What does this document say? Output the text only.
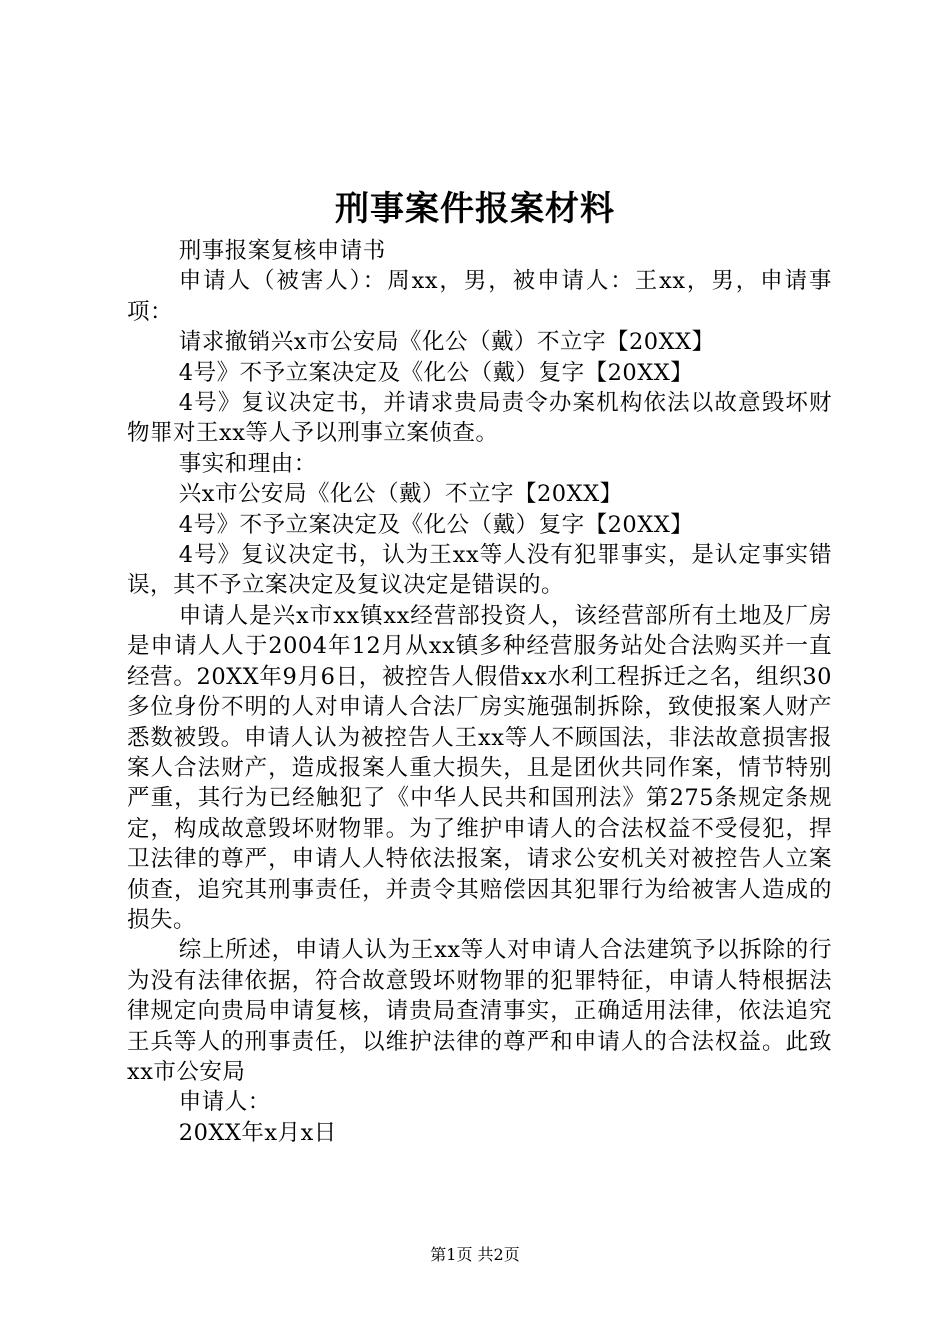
刑事案件报案材料

刑事报案复核申请书

申请人（被害人）：周xx，男，被申请人：王xx，男，申请事项：

请求撤销兴x市公安局《化公（戴）不立字【20XX】

4号》不予立案决定及《化公（戴）复字【20XX】

4号》复议决定书，并请求贵局责令办案机构依法以故意毁坏财物罪对王xx等人予以刑事立案侦查。

事实和理由：

兴x市公安局《化公（戴）不立字【20XX】

4号》不予立案决定及《化公（戴）复字【20XX】

4号》复议决定书，认为王xx等人没有犯罪事实，是认定事实错误，其不予立案决定及复议决定是错误的。

申请人是兴x市xx镇xx经营部投资人，该经营部所有土地及厂房是申请人人于2004年12月从xx镇多种经营服务站处合法购买并一直经营。20XX年9月6日，被控告人假借xx水利工程拆迁之名，组织30多位身份不明的人对申请人合法厂房实施强制拆除，致使报案人财产悉数被毁。申请人认为被控告人王xx等人不顾国法，非法故意损害报案人合法财产，造成报案人重大损失，且是团伙共同作案，情节特别严重，其行为已经触犯了《中华人民共和国刑法》第275条规定条规定，构成故意毁坏财物罪。为了维护申请人的合法权益不受侵犯，捍卫法律的尊严，申请人人特依法报案，请求公安机关对被控告人立案侦查，追究其刑事责任，并责令其赔偿因其犯罪行为给被害人造成的损失。

综上所述，申请人认为王xx等人对申请人合法建筑予以拆除的行为没有法律依据，符合故意毁坏财物罪的犯罪特征，申请人特根据法律规定向贵局申请复核，请贵局查清事实，正确适用法律，依法追究王兵等人的刑事责任，以维护法律的尊严和申请人的合法权益。此致xx市公安局

申请人：

20XX年x月x日

第1页 共2页
